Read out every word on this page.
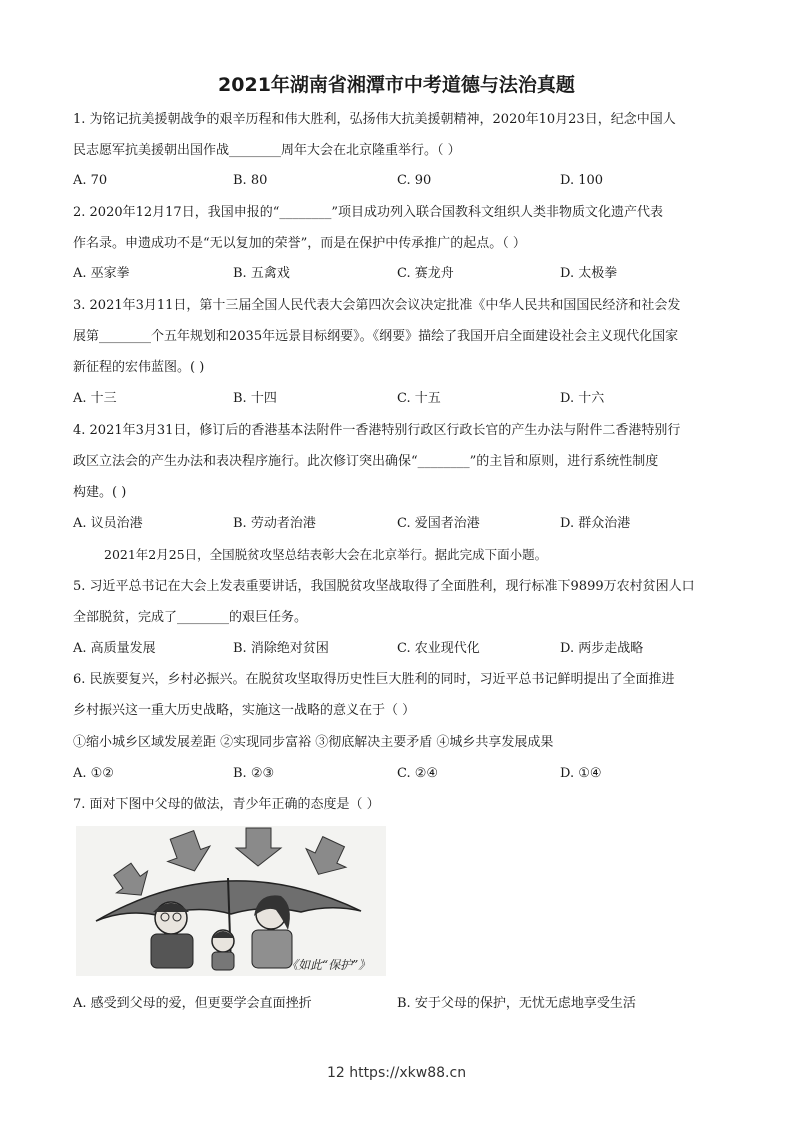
2021年湖南省湘潭市中考道德与法治真题
1. 为铭记抗美援朝战争的艰辛历程和伟大胜利，弘扬伟大抗美援朝精神，2020年10月23日，纪念中国人
民志愿军抗美援朝出国作战________周年大会在北京隆重举行。（ ）
A. 70	B. 80	C. 90	D. 100
2. 2020年12月17日，我国申报的“________”项目成功列入联合国教科文组织人类非物质文化遗产代表
作名录。申遗成功不是“无以复加的荣誉”，而是在保护中传承推广的起点。（ ）
A. 巫家拳	B. 五禽戏	C. 赛龙舟	D. 太极拳
3. 2021年3月11日，第十三届全国人民代表大会第四次会议决定批准《中华人民共和国国民经济和社会发
展第________个五年规划和2035年远景目标纲要》。《纲要》描绘了我国开启全面建设社会主义现代化国家
新征程的宏伟蓝图。( )
A. 十三	B. 十四	C. 十五	D. 十六
4. 2021年3月31日，修订后的香港基本法附件一香港特别行政区行政长官的产生办法与附件二香港特别行
政区立法会的产生办法和表决程序施行。此次修订突出确保“________”的主旨和原则，进行系统性制度
构建。( )
A. 议员治港	B. 劳动者治港	C. 爱国者治港	D. 群众治港
2021年2月25日，全国脱贫攻坚总结表彰大会在北京举行。据此完成下面小题。
5. 习近平总书记在大会上发表重要讲话，我国脱贫攻坚战取得了全面胜利，现行标准下9899万农村贫困人口
全部脱贫，完成了________的艰巨任务。
A. 高质量发展	B. 消除绝对贫困	C. 农业现代化	D. 两步走战略
6. 民族要复兴，乡村必振兴。在脱贫攻坚取得历史性巨大胜利的同时，习近平总书记鲜明提出了全面推进
乡村振兴这一重大历史战略，实施这一战略的意义在于（ ）
①缩小城乡区域发展差距 ②实现同步富裕 ③彻底解决主要矛盾 ④城乡共享发展成果
A. ①②	B. ②③	C. ②④	D. ①④
7. 面对下图中父母的做法，青少年正确的态度是（ ）
《如此“保护”》
A. 感受到父母的爱，但更要学会直面挫折	B. 安于父母的保护，无忧无虑地享受生活
12 https://xkw88.cn
